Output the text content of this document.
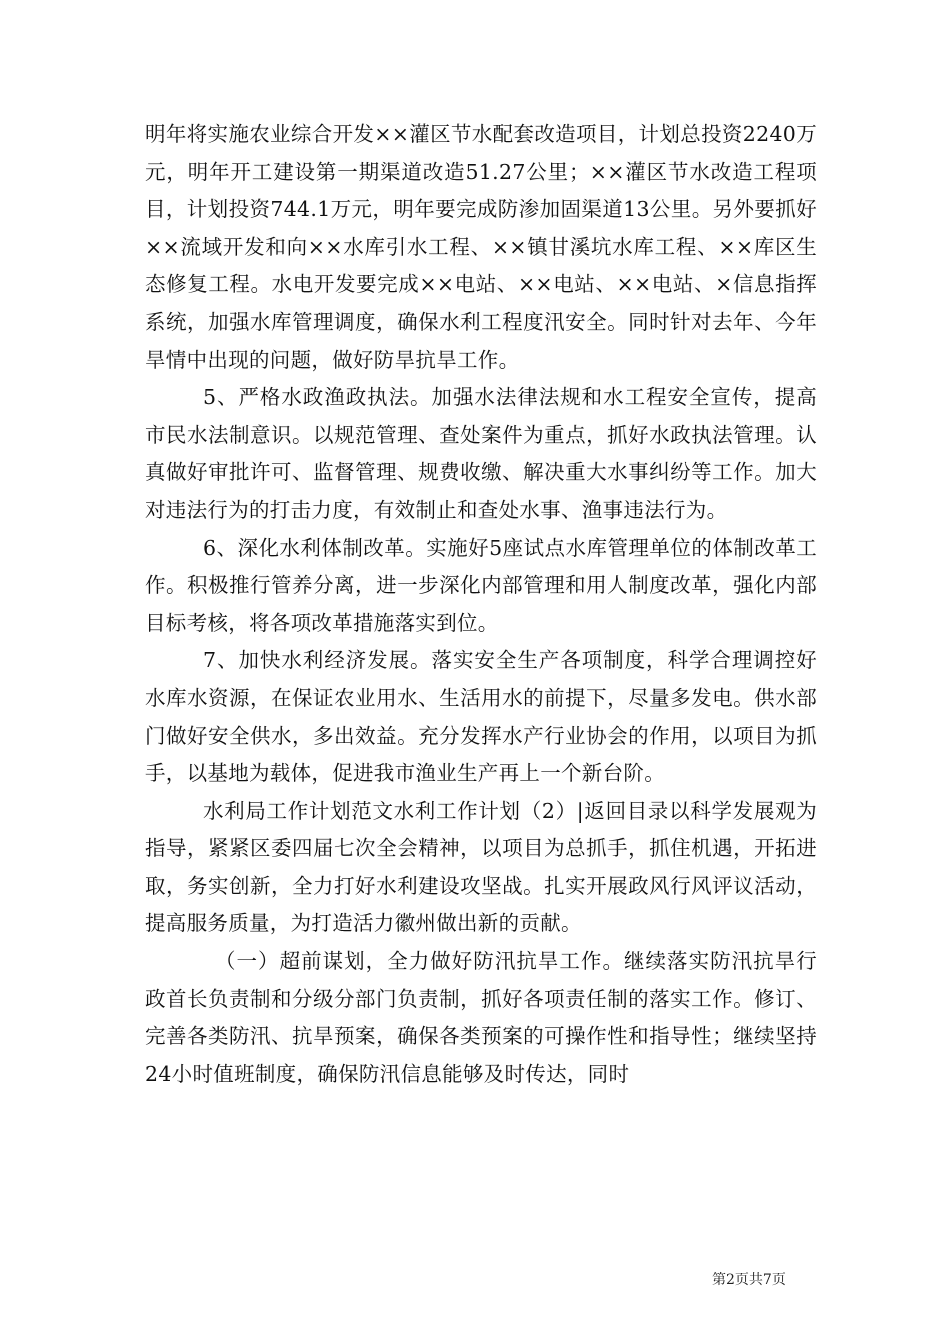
明年将实施农业综合开发××灌区节水配套改造项目，计划总投资2240万元，明年开工建设第一期渠道改造51.27公里；××灌区节水改造工程项目，计划投资744.1万元，明年要完成防渗加固渠道13公里。另外要抓好××流域开发和向××水库引水工程、××镇甘溪坑水库工程、××库区生态修复工程。水电开发要完成××电站、××电站、××电站、×信息指挥系统，加强水库管理调度，确保水利工程度汛安全。同时针对去年、今年旱情中出现的问题，做好防旱抗旱工作。

5、严格水政渔政执法。加强水法律法规和水工程安全宣传，提高市民水法制意识。以规范管理、查处案件为重点，抓好水政执法管理。认真做好审批许可、监督管理、规费收缴、解决重大水事纠纷等工作。加大对违法行为的打击力度，有效制止和查处水事、渔事违法行为。

6、深化水利体制改革。实施好5座试点水库管理单位的体制改革工作。积极推行管养分离，进一步深化内部管理和用人制度改革，强化内部目标考核，将各项改革措施落实到位。

7、加快水利经济发展。落实安全生产各项制度，科学合理调控好水库水资源，在保证农业用水、生活用水的前提下，尽量多发电。供水部门做好安全供水，多出效益。充分发挥水产行业协会的作用，以项目为抓手，以基地为载体，促进我市渔业生产再上一个新台阶。

水利局工作计划范文水利工作计划（2）|返回目录以科学发展观为指导，紧紧区委四届七次全会精神，以项目为总抓手，抓住机遇，开拓进取，务实创新，全力打好水利建设攻坚战。扎实开展政风行风评议活动，提高服务质量，为打造活力徽州做出新的贡献。

（一）超前谋划，全力做好防汛抗旱工作。继续落实防汛抗旱行政首长负责制和分级分部门负责制，抓好各项责任制的落实工作。修订、完善各类防汛、抗旱预案，确保各类预案的可操作性和指导性；继续坚持24小时值班制度，确保防汛信息能够及时传达，同时

第2页共7页
